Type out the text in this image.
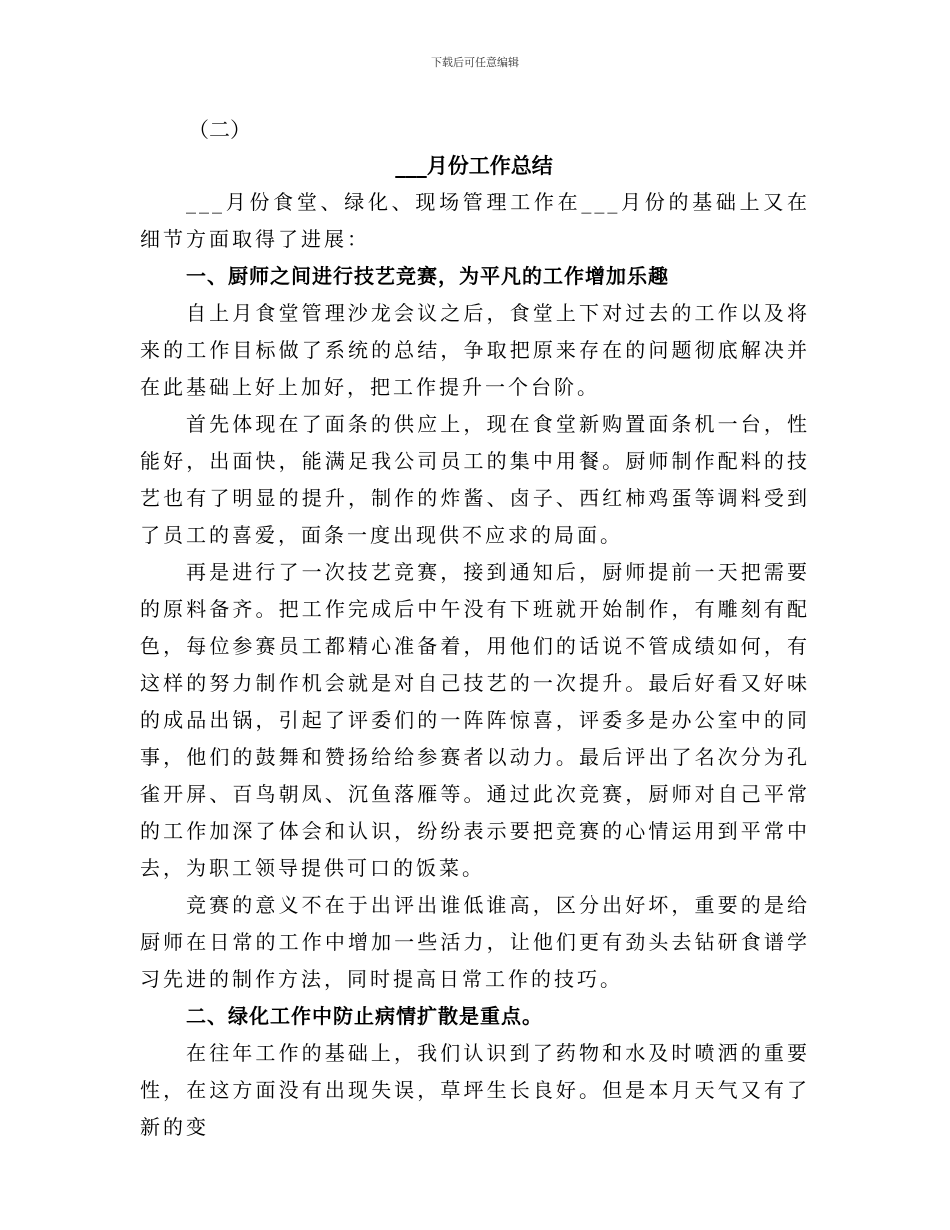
下载后可任意编辑
（二）
___月份工作总结

___月份食堂、绿化、现场管理工作在___月份的基础上又在细节方面取得了进展：

一、厨师之间进行技艺竞赛，为平凡的工作增加乐趣

自上月食堂管理沙龙会议之后，食堂上下对过去的工作以及将来的工作目标做了系统的总结，争取把原来存在的问题彻底解决并在此基础上好上加好，把工作提升一个台阶。

首先体现在了面条的供应上，现在食堂新购置面条机一台，性能好，出面快，能满足我公司员工的集中用餐。厨师制作配料的技艺也有了明显的提升，制作的炸酱、卤子、西红柿鸡蛋等调料受到了员工的喜爱，面条一度出现供不应求的局面。

再是进行了一次技艺竞赛，接到通知后，厨师提前一天把需要的原料备齐。把工作完成后中午没有下班就开始制作，有雕刻有配色，每位参赛员工都精心准备着，用他们的话说不管成绩如何，有这样的努力制作机会就是对自己技艺的一次提升。最后好看又好味的成品出锅，引起了评委们的一阵阵惊喜，评委多是办公室中的同事，他们的鼓舞和赞扬给给参赛者以动力。最后评出了名次分为孔雀开屏、百鸟朝凤、沉鱼落雁等。通过此次竞赛，厨师对自己平常的工作加深了体会和认识，纷纷表示要把竞赛的心情运用到平常中去，为职工领导提供可口的饭菜。

竞赛的意义不在于出评出谁低谁高，区分出好坏，重要的是给厨师在日常的工作中增加一些活力，让他们更有劲头去钻研食谱学习先进的制作方法，同时提高日常工作的技巧。

二、绿化工作中防止病情扩散是重点。

在往年工作的基础上，我们认识到了药物和水及时喷洒的重要性，在这方面没有出现失误，草坪生长良好。但是本月天气又有了新的变
